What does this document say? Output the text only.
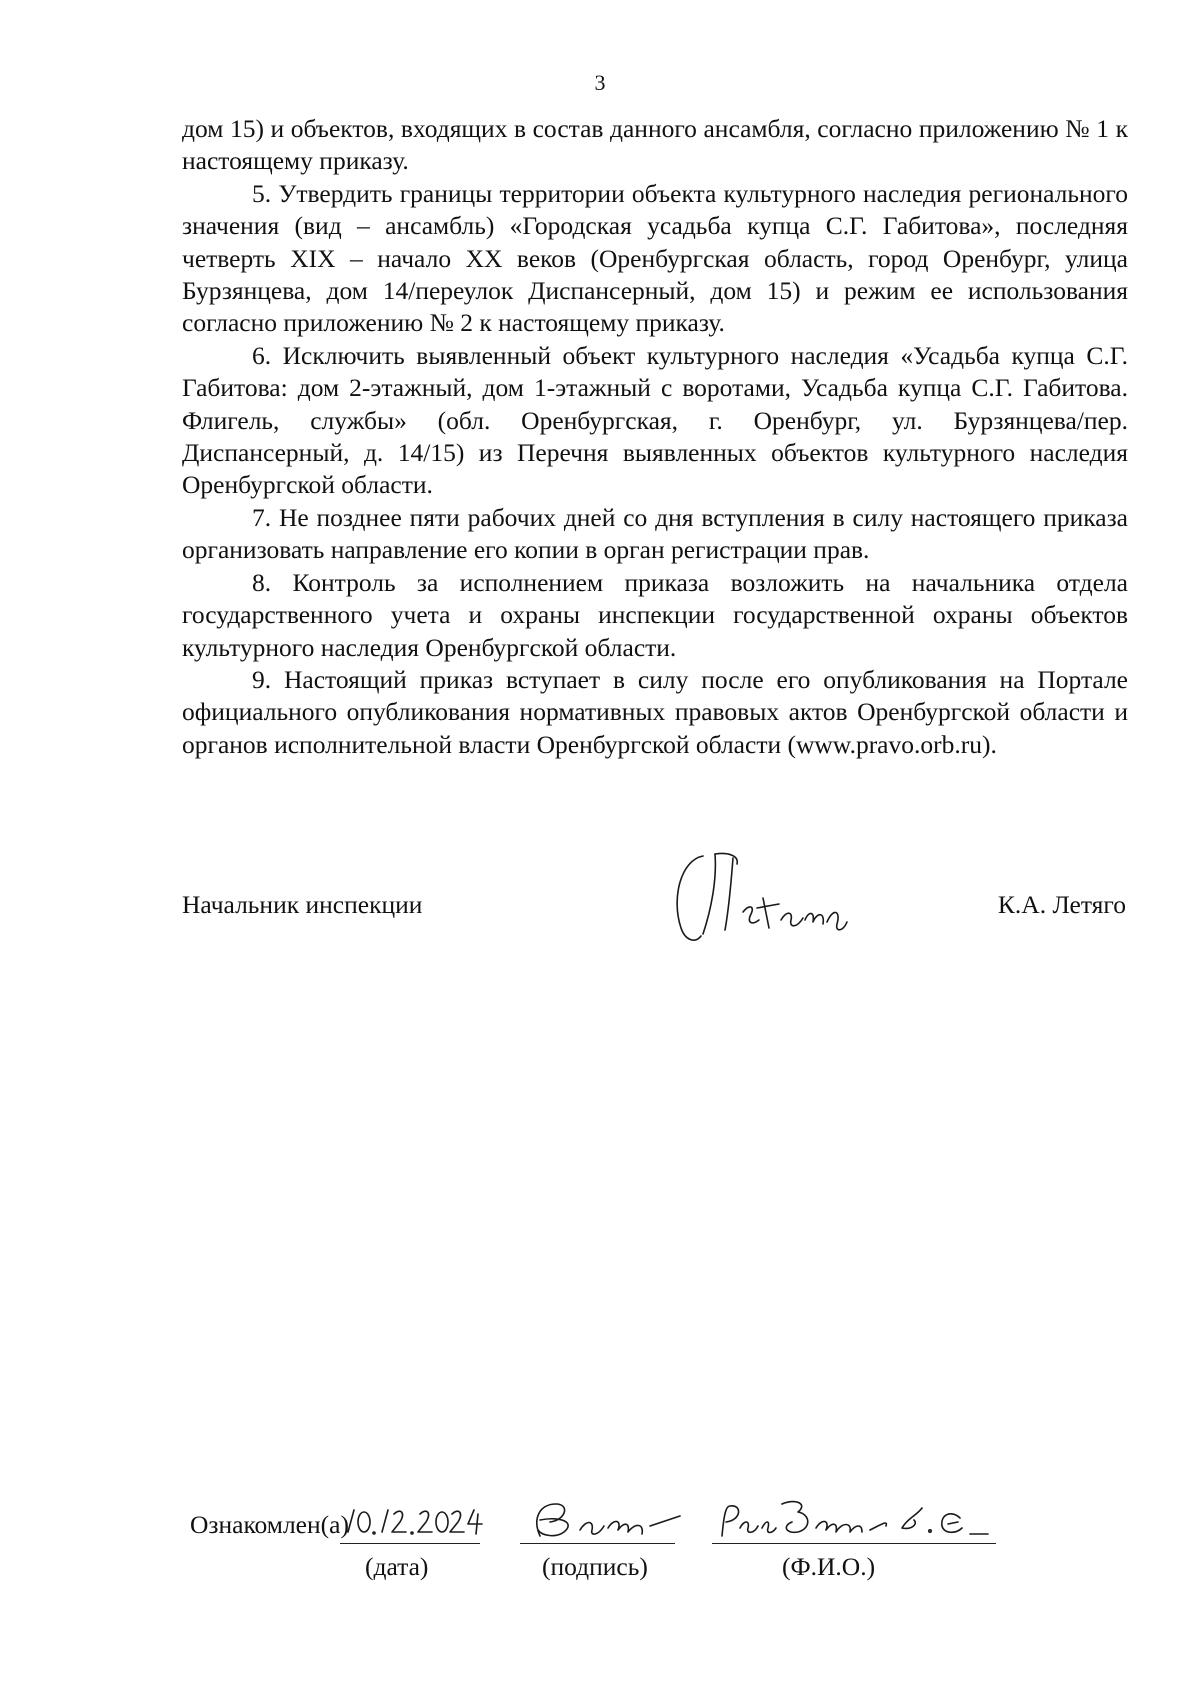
3

дом 15) и объектов, входящих в состав данного ансамбля, согласно приложению № 1 к настоящему приказу.

5. Утвердить границы территории объекта культурного наследия регионального значения (вид – ансамбль) «Городская усадьба купца С.Г. Габитова», последняя четверть XIX – начало XX веков (Оренбургская область, город Оренбург, улица Бурзянцева, дом 14/переулок Диспансерный, дом 15) и режим ее использования согласно приложению № 2 к настоящему приказу.

6. Исключить выявленный объект культурного наследия «Усадьба купца С.Г. Габитова: дом 2-этажный, дом 1-этажный с воротами, Усадьба купца С.Г. Габитова. Флигель, службы» (обл. Оренбургская, г. Оренбург, ул. Бурзянцева/пер. Диспансерный, д. 14/15) из Перечня выявленных объектов культурного наследия Оренбургской области.

7. Не позднее пяти рабочих дней со дня вступления в силу настоящего приказа организовать направление его копии в орган регистрации прав.

8. Контроль за исполнением приказа возложить на начальника отдела государственного учета и охраны инспекции государственной охраны объектов культурного наследия Оренбургской области.

9. Настоящий приказ вступает в силу после его опубликования на Портале официального опубликования нормативных правовых актов Оренбургской области и органов исполнительной власти Оренбургской области (www.pravo.orb.ru).

Начальник инспекции	К.А. Летяго
Ознакомлен(а)
(дата)	(подпись)	(Ф.И.О.)
